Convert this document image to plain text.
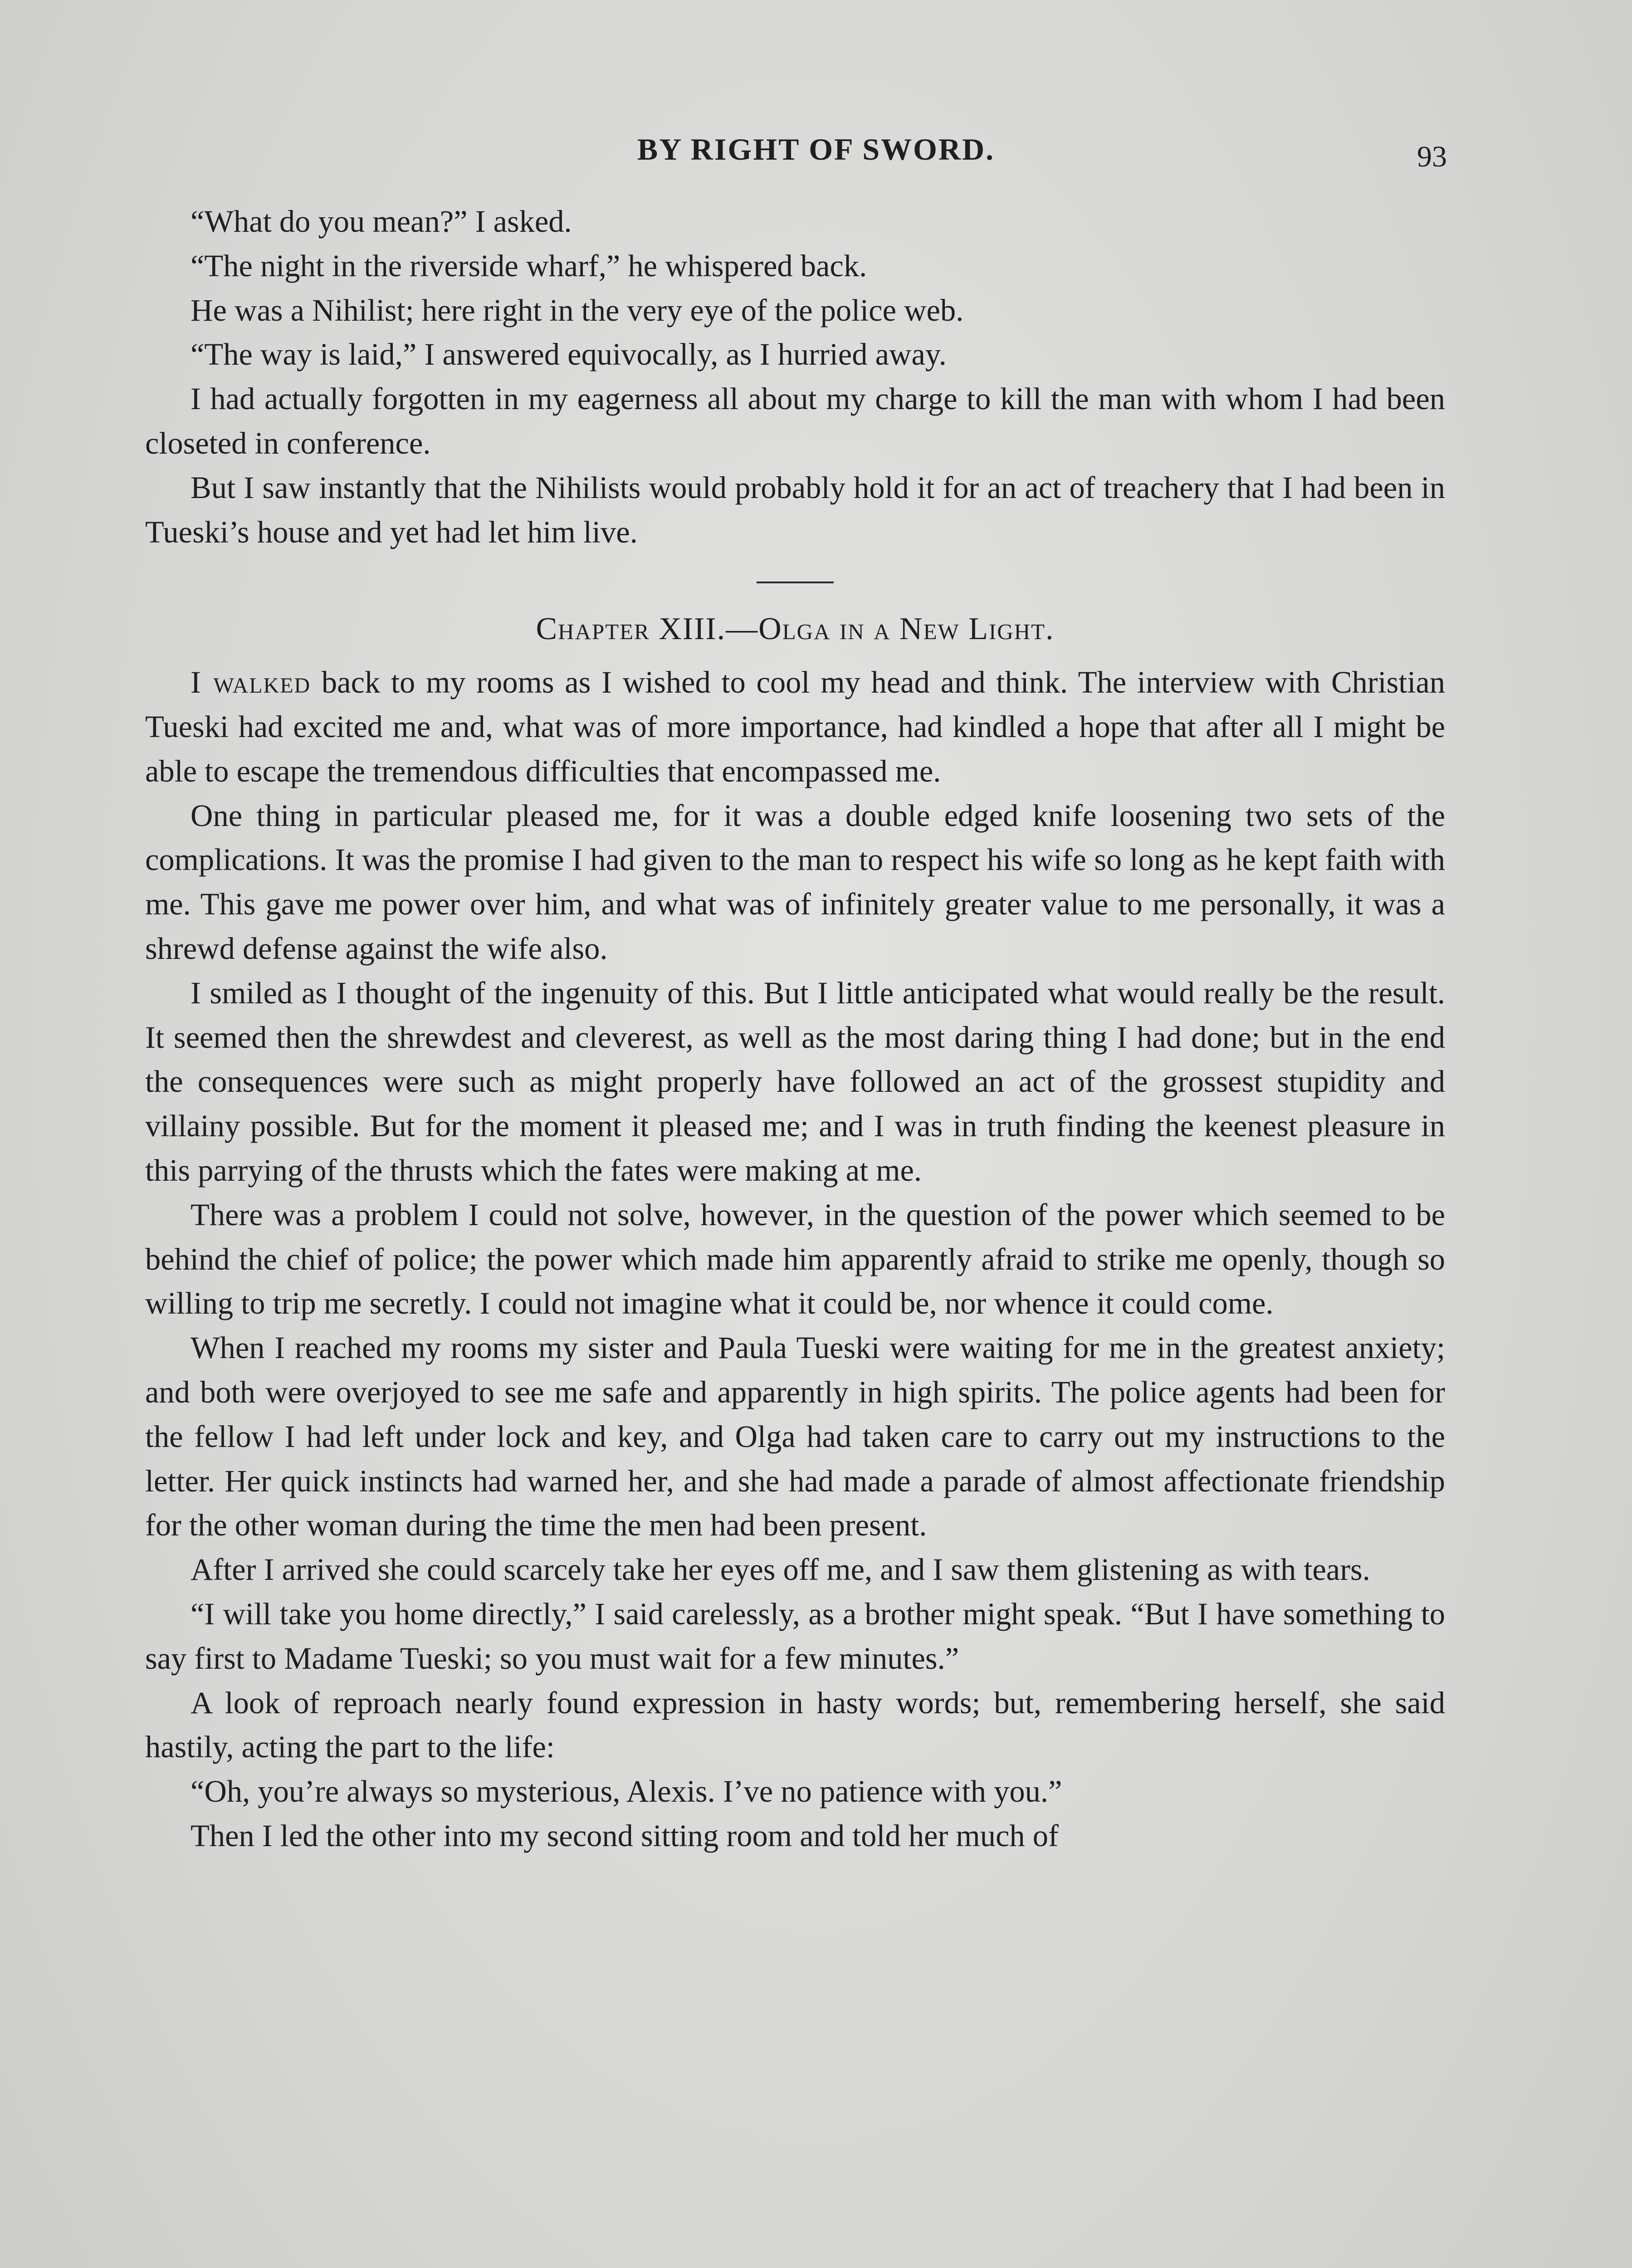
BY RIGHT OF SWORD.	93

“What do you mean?” I asked.

“The night in the riverside wharf,” he whispered back.

He was a Nihilist; here right in the very eye of the police web.

“The way is laid,” I answered equivocally, as I hurried away.

I had actually forgotten in my eagerness all about my charge to kill the man with whom I had been closeted in conference.

But I saw instantly that the Nihilists would probably hold it for an act of treachery that I had been in Tueski’s house and yet had let him live.

Chapter XIII.—Olga in a New Light.

I walked back to my rooms as I wished to cool my head and think. The interview with Christian Tueski had excited me and, what was of more importance, had kindled a hope that after all I might be able to escape the tremendous difficulties that encompassed me.

One thing in particular pleased me, for it was a double edged knife loosening two sets of the complications. It was the promise I had given to the man to respect his wife so long as he kept faith with me. This gave me power over him, and what was of infinitely greater value to me personally, it was a shrewd defense against the wife also.

I smiled as I thought of the ingenuity of this. But I little anticipated what would really be the result. It seemed then the shrewdest and cleverest, as well as the most daring thing I had done; but in the end the consequences were such as might properly have followed an act of the grossest stupidity and villainy possible. But for the moment it pleased me; and I was in truth finding the keenest pleasure in this parrying of the thrusts which the fates were making at me.

There was a problem I could not solve, however, in the question of the power which seemed to be behind the chief of police; the power which made him apparently afraid to strike me openly, though so willing to trip me secretly. I could not imagine what it could be, nor whence it could come.

When I reached my rooms my sister and Paula Tueski were waiting for me in the greatest anxiety; and both were overjoyed to see me safe and apparently in high spirits. The police agents had been for the fellow I had left under lock and key, and Olga had taken care to carry out my instructions to the letter. Her quick instincts had warned her, and she had made a parade of almost affectionate friendship for the other woman during the time the men had been present.

After I arrived she could scarcely take her eyes off me, and I saw them glistening as with tears.

“I will take you home directly,” I said carelessly, as a brother might speak. “But I have something to say first to Madame Tueski; so you must wait for a few minutes.”

A look of reproach nearly found expression in hasty words; but, remembering herself, she said hastily, acting the part to the life:

“Oh, you’re always so mysterious, Alexis. I’ve no patience with you.”

Then I led the other into my second sitting room and told her much of
